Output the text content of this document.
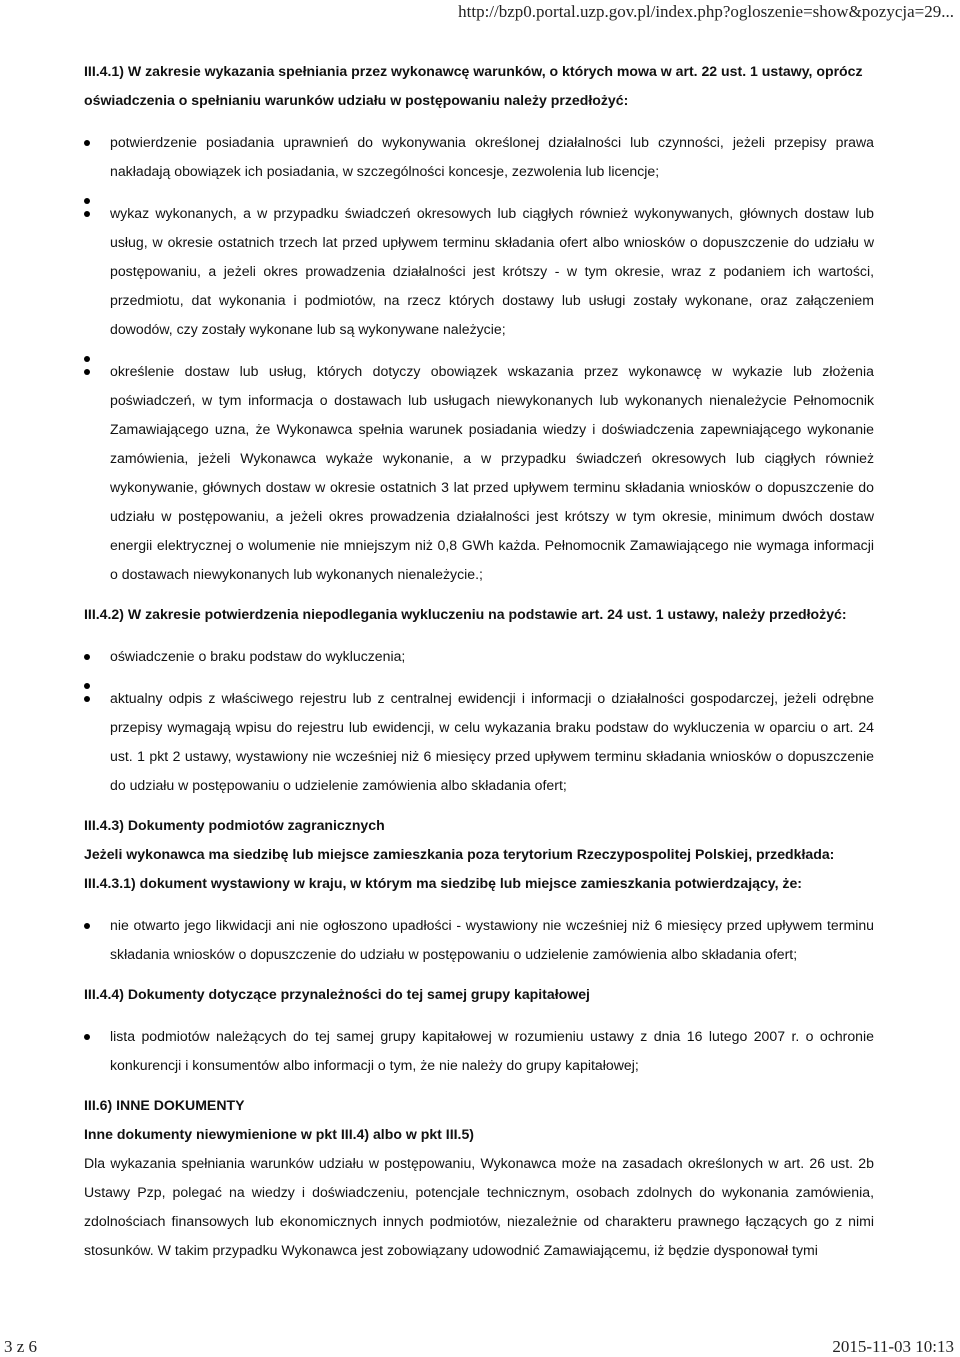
http://bzp0.portal.uzp.gov.pl/index.php?ogloszenie=show&pozycja=29...
III.4.1) W zakresie wykazania spełniania przez wykonawcę warunków, o których mowa w art. 22 ust. 1 ustawy, oprócz
oświadczenia o spełnianiu warunków udziału w postępowaniu należy przedłożyć:
potwierdzenie posiadania uprawnień do wykonywania określonej działalności lub czynności, jeżeli przepisy prawa nakładają obowiązek ich posiadania, w szczególności koncesje, zezwolenia lub licencje;
wykaz wykonanych, a w przypadku świadczeń okresowych lub ciągłych również wykonywanych, głównych dostaw lub usług, w okresie ostatnich trzech lat przed upływem terminu składania ofert albo wniosków o dopuszczenie do udziału w postępowaniu, a jeżeli okres prowadzenia działalności jest krótszy - w tym okresie, wraz z podaniem ich wartości, przedmiotu, dat wykonania i podmiotów, na rzecz których dostawy lub usługi zostały wykonane, oraz załączeniem dowodów, czy zostały wykonane lub są wykonywane należycie;
określenie dostaw lub usług, których dotyczy obowiązek wskazania przez wykonawcę w wykazie lub złożenia poświadczeń, w tym informacja o dostawach lub usługach niewykonanych lub wykonanych nienależycie Pełnomocnik Zamawiającego uzna, że Wykonawca spełnia warunek posiadania wiedzy i doświadczenia zapewniającego wykonanie zamówienia, jeżeli Wykonawca wykaże wykonanie, a w przypadku świadczeń okresowych lub ciągłych również wykonywanie, głównych dostaw w okresie ostatnich 3 lat przed upływem terminu składania wniosków o dopuszczenie do udziału w postępowaniu, a jeżeli okres prowadzenia działalności jest krótszy w tym okresie, minimum dwóch dostaw energii elektrycznej o wolumenie nie mniejszym niż 0,8 GWh każda. Pełnomocnik Zamawiającego nie wymaga informacji o dostawach niewykonanych lub wykonanych nienależycie.;
III.4.2) W zakresie potwierdzenia niepodlegania wykluczeniu na podstawie art. 24 ust. 1 ustawy, należy przedłożyć:
oświadczenie o braku podstaw do wykluczenia;
aktualny odpis z właściwego rejestru lub z centralnej ewidencji i informacji o działalności gospodarczej, jeżeli odrębne przepisy wymagają wpisu do rejestru lub ewidencji, w celu wykazania braku podstaw do wykluczenia w oparciu o art. 24 ust. 1 pkt 2 ustawy, wystawiony nie wcześniej niż 6 miesięcy przed upływem terminu składania wniosków o dopuszczenie do udziału w postępowaniu o udzielenie zamówienia albo składania ofert;
III.4.3) Dokumenty podmiotów zagranicznych
Jeżeli wykonawca ma siedzibę lub miejsce zamieszkania poza terytorium Rzeczypospolitej Polskiej, przedkłada:
III.4.3.1) dokument wystawiony w kraju, w którym ma siedzibę lub miejsce zamieszkania potwierdzający, że:
nie otwarto jego likwidacji ani nie ogłoszono upadłości - wystawiony nie wcześniej niż 6 miesięcy przed upływem terminu składania wniosków o dopuszczenie do udziału w postępowaniu o udzielenie zamówienia albo składania ofert;
III.4.4) Dokumenty dotyczące przynależności do tej samej grupy kapitałowej
lista podmiotów należących do tej samej grupy kapitałowej w rozumieniu ustawy z dnia 16 lutego 2007 r. o ochronie konkurencji i konsumentów albo informacji o tym, że nie należy do grupy kapitałowej;
III.6) INNE DOKUMENTY
Inne dokumenty niewymienione w pkt III.4) albo w pkt III.5)

Dla wykazania spełniania warunków udziału w postępowaniu, Wykonawca może na zasadach określonych w art. 26 ust. 2b Ustawy Pzp, polegać na wiedzy i doświadczeniu, potencjale technicznym, osobach zdolnych do wykonania zamówienia, zdolnościach finansowych lub ekonomicznych innych podmiotów, niezależnie od charakteru prawnego łączących go z nimi stosunków. W takim przypadku Wykonawca jest zobowiązany udowodnić Zamawiającemu, iż będzie dysponował tymi

3 z 6	2015-11-03 10:13
